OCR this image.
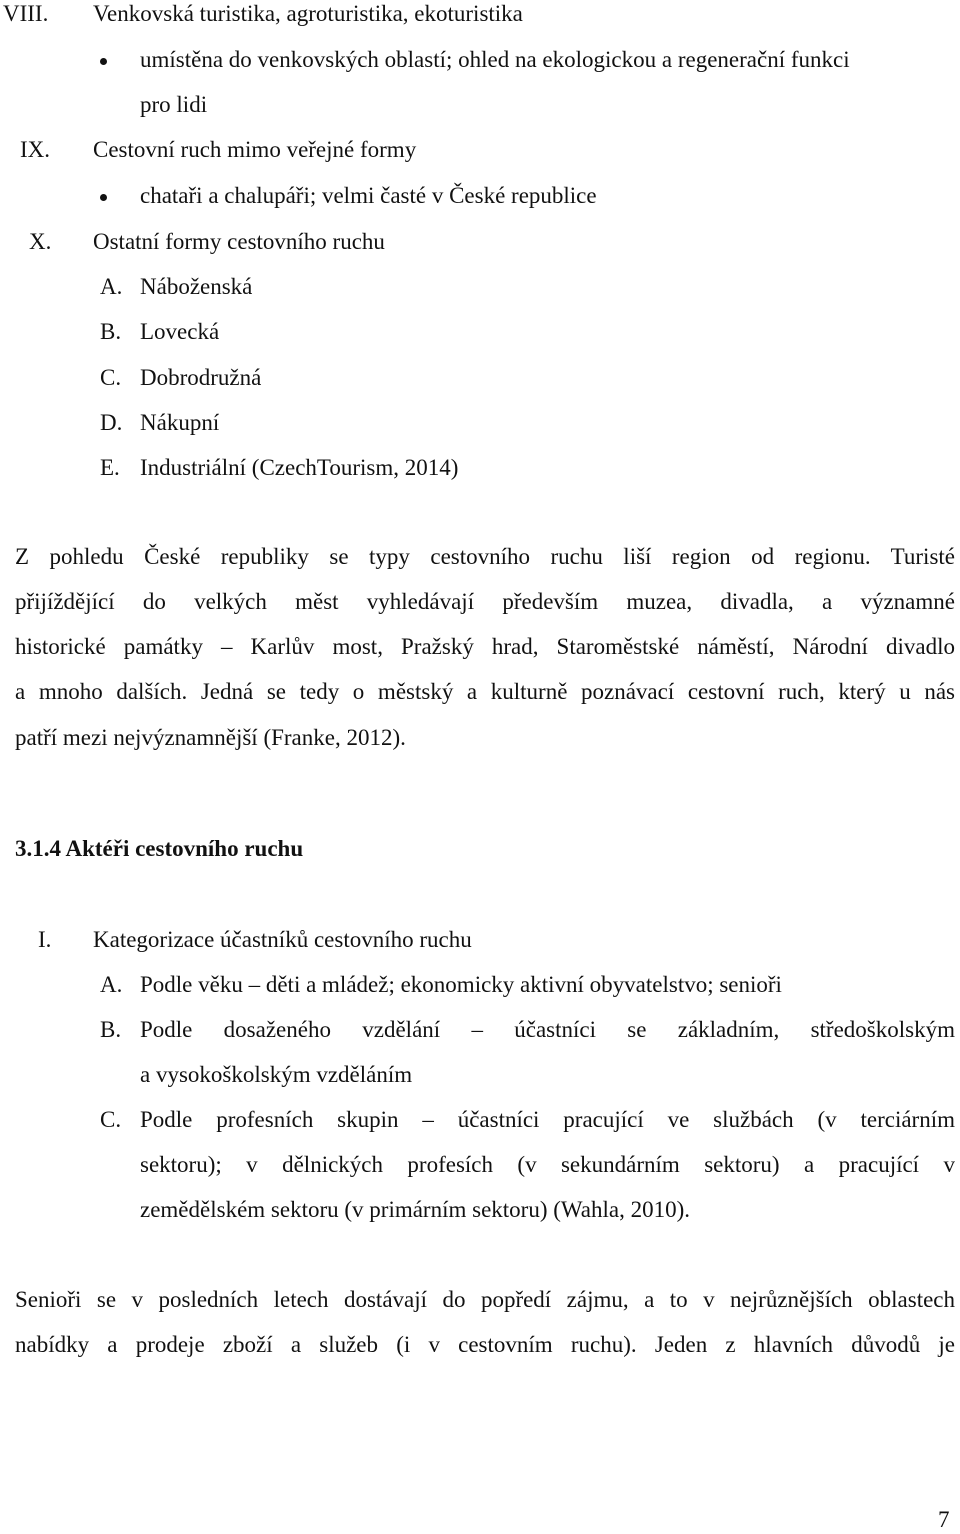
VIII. Venkovská turistika, agroturistika, ekoturistika
umístěna do venkovských oblastí; ohled na ekologickou a regenerační funkci
pro lidi
IX. Cestovní ruch mimo veřejné formy
chataři a chalupáři; velmi časté v České republice
X. Ostatní formy cestovního ruchu
A. Náboženská
B. Lovecká
C. Dobrodružná
D. Nákupní
E. Industriální (CzechTourism, 2014)
Z pohledu České republiky se typy cestovního ruchu liší region od regionu. Turisté
přijíždějící do velkých měst vyhledávají především muzea, divadla, a významné
historické památky – Karlův most, Pražský hrad, Staroměstské náměstí, Národní divadlo
a mnoho dalších. Jedná se tedy o městský a kulturně poznávací cestovní ruch, který u nás
patří mezi nejvýznamnější (Franke, 2012).
3.1.4 Aktéři cestovního ruchu
I. Kategorizace účastníků cestovního ruchu
A. Podle věku – děti a mládež; ekonomicky aktivní obyvatelstvo; senioři
B. Podle dosaženého vzdělání – účastníci se základním, středoškolským
a vysokoškolským vzděláním
C. Podle profesních skupin – účastníci pracující ve službách (v terciárním
sektoru); v dělnických profesích (v sekundárním sektoru) a pracující v
zemědělském sektoru (v primárním sektoru) (Wahla, 2010).
Senioři se v posledních letech dostávají do popředí zájmu, a to v nejrůznějších oblastech
nabídky a prodeje zboží a služeb (i v cestovním ruchu). Jeden z hlavních důvodů je
7
